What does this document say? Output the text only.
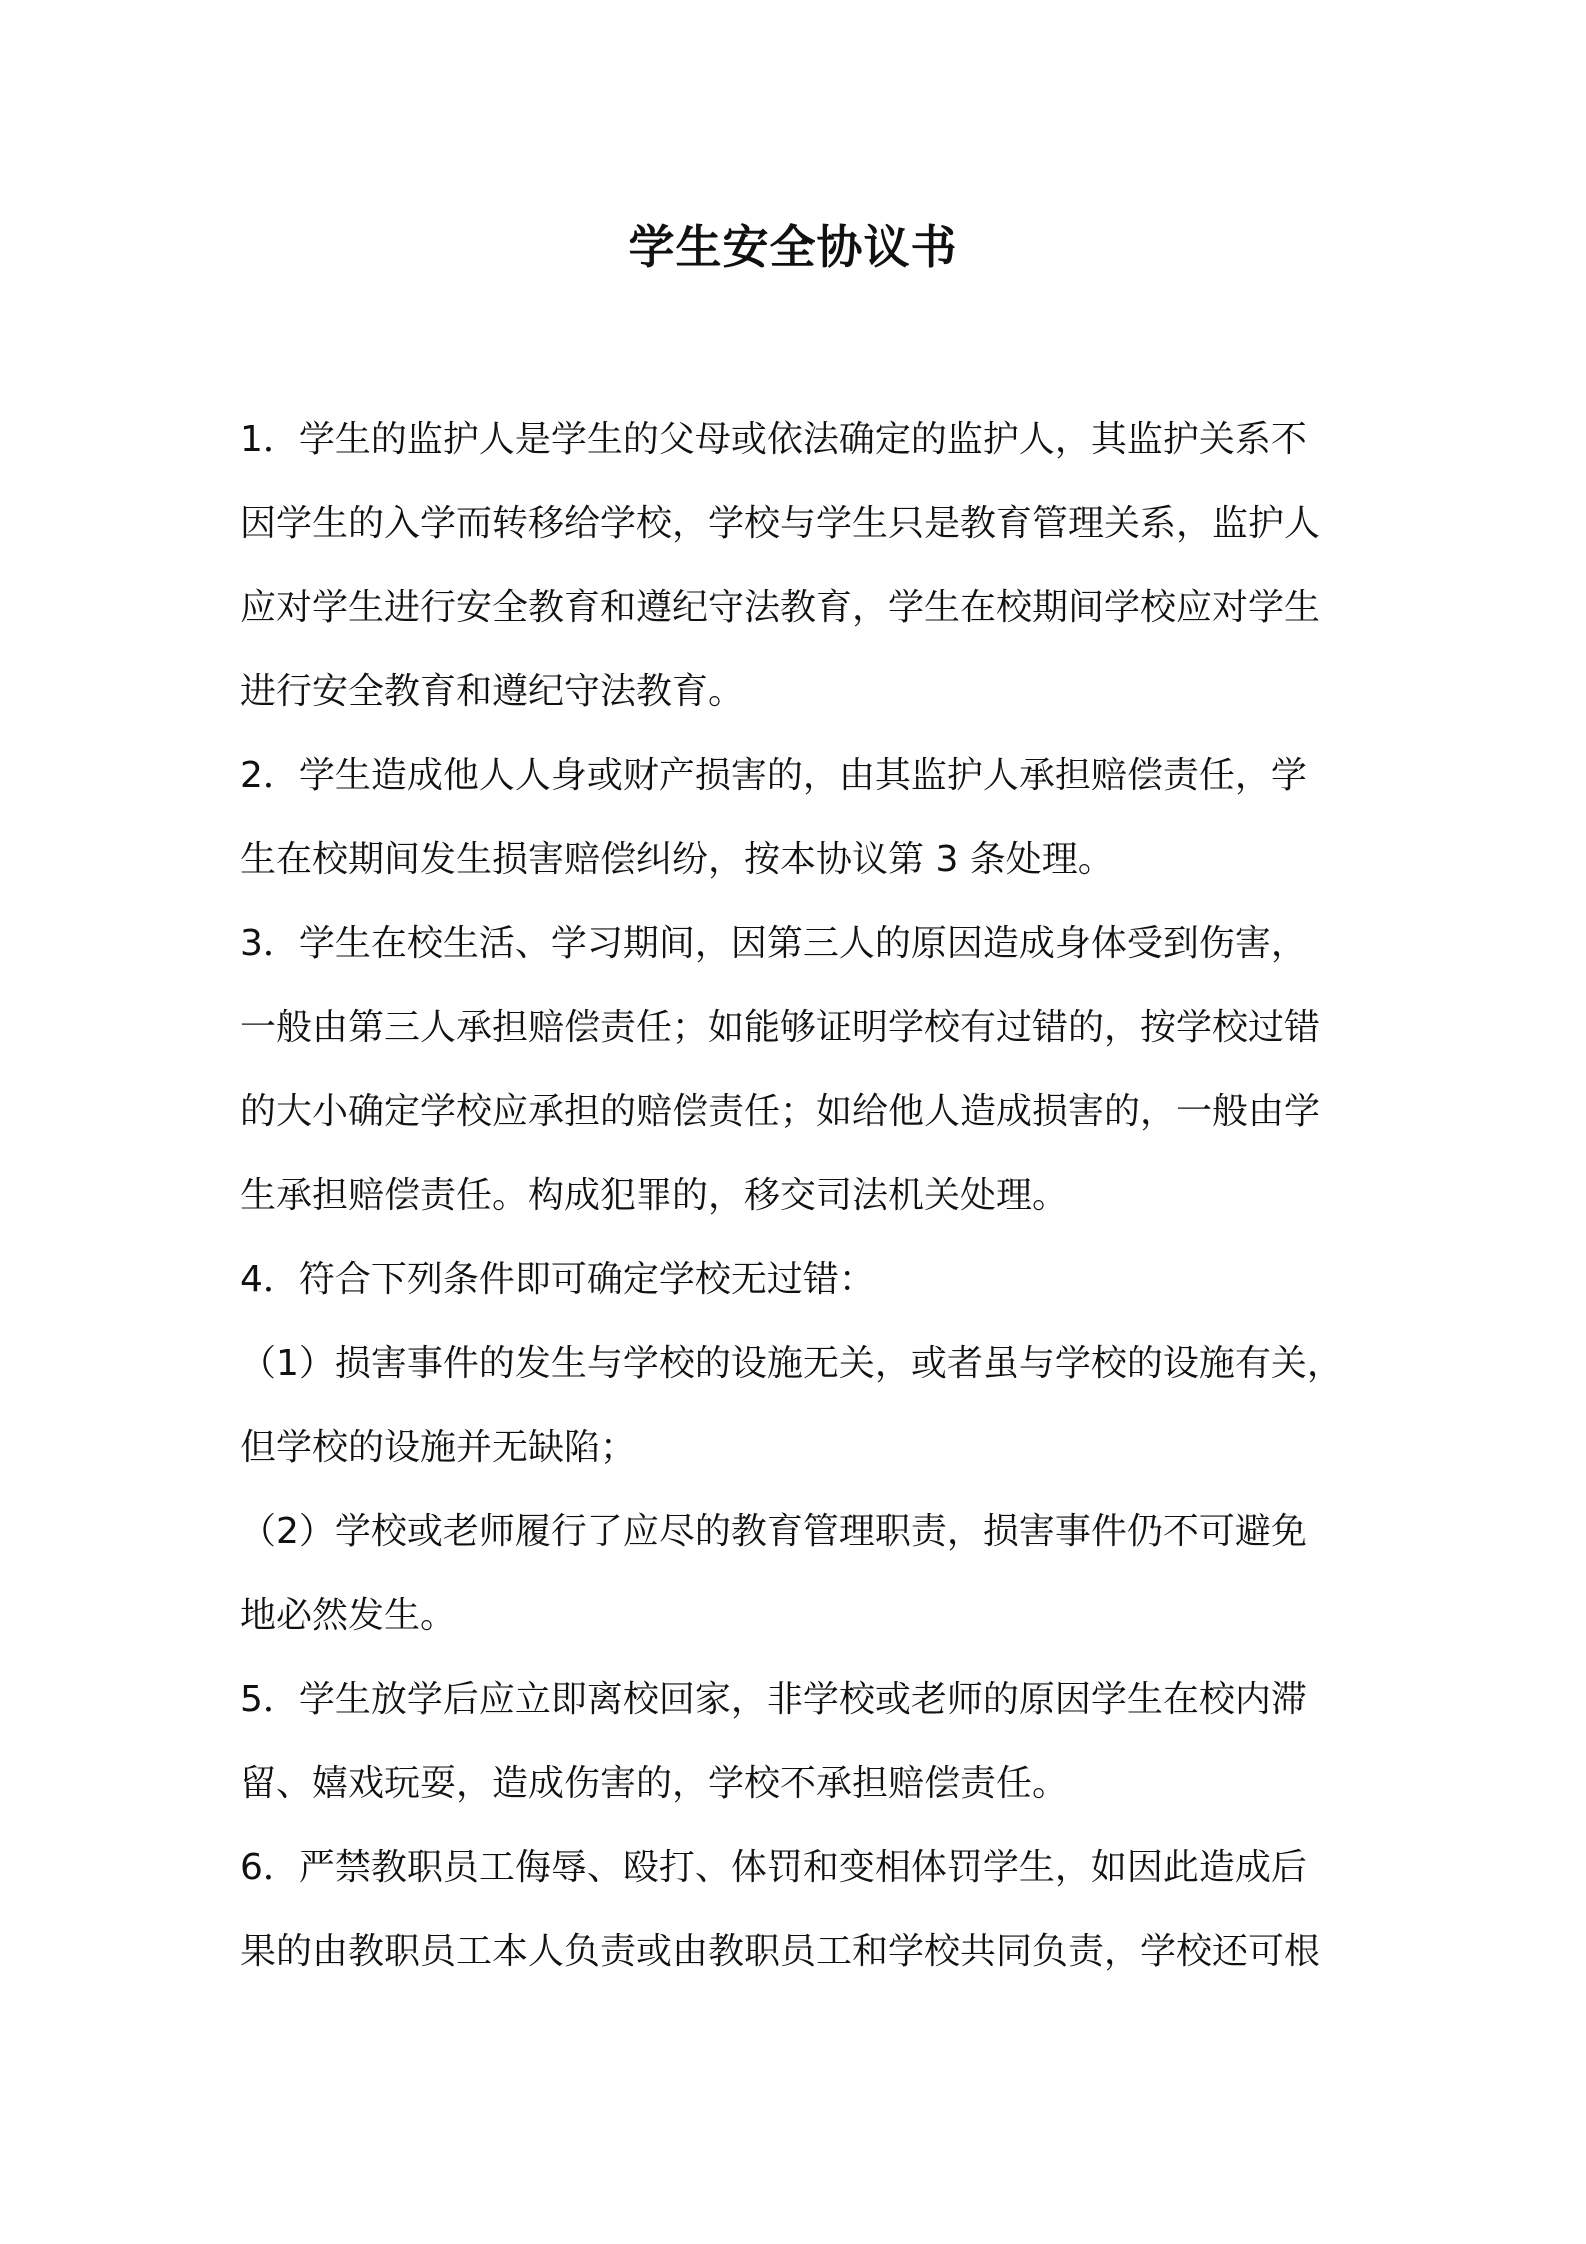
学生安全协议书

1．学生的监护人是学生的父母或依法确定的监护人，其监护关系不

因学生的入学而转移给学校，学校与学生只是教育管理关系，监护人

应对学生进行安全教育和遵纪守法教育，学生在校期间学校应对学生

进行安全教育和遵纪守法教育。

2．学生造成他人人身或财产损害的，由其监护人承担赔偿责任，学

生在校期间发生损害赔偿纠纷，按本协议第 3 条处理。

3．学生在校生活、学习期间，因第三人的原因造成身体受到伤害，

一般由第三人承担赔偿责任；如能够证明学校有过错的，按学校过错

的大小确定学校应承担的赔偿责任；如给他人造成损害的，一般由学

生承担赔偿责任。构成犯罪的，移交司法机关处理。

4．符合下列条件即可确定学校无过错：

（1）损害事件的发生与学校的设施无关，或者虽与学校的设施有关，

但学校的设施并无缺陷；

（2）学校或老师履行了应尽的教育管理职责，损害事件仍不可避免

地必然发生。

5．学生放学后应立即离校回家，非学校或老师的原因学生在校内滞

留、嬉戏玩耍，造成伤害的，学校不承担赔偿责任。

6．严禁教职员工侮辱、殴打、体罚和变相体罚学生，如因此造成后

果的由教职员工本人负责或由教职员工和学校共同负责，学校还可根
